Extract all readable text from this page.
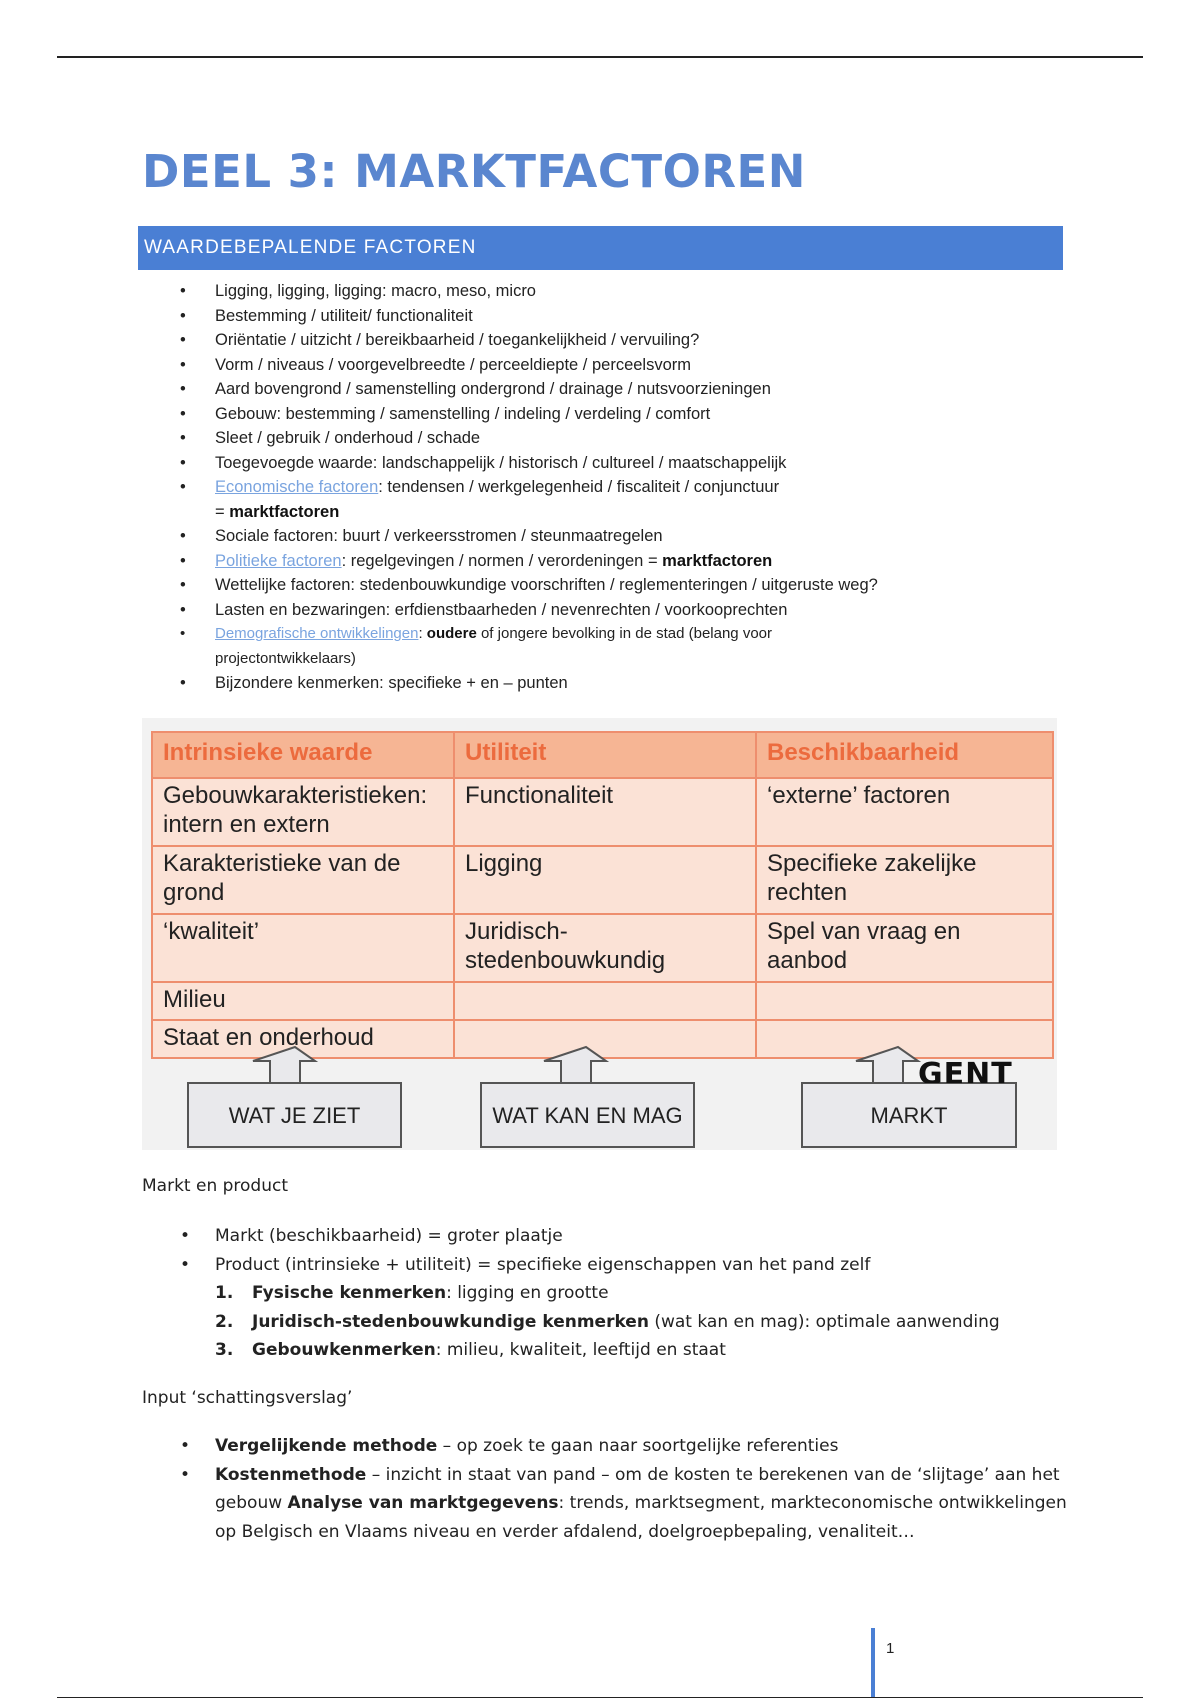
DEEL 3: MARKTFACTOREN
WAARDEBEPALENDE FACTOREN
• Ligging, ligging, ligging: macro, meso, micro
• Bestemming / utiliteit/ functionaliteit
• Oriëntatie / uitzicht / bereikbaarheid / toegankelijkheid / vervuiling?
• Vorm / niveaus / voorgevelbreedte / perceeldiepte / perceelsvorm
• Aard bovengrond / samenstelling ondergrond / drainage / nutsvoorzieningen
• Gebouw: bestemming / samenstelling / indeling / verdeling / comfort
• Sleet / gebruik / onderhoud / schade
• Toegevoegde waarde: landschappelijk / historisch / cultureel / maatschappelijk
• Economische factoren: tendensen / werkgelegenheid / fiscaliteit / conjunctuur
= marktfactoren
• Sociale factoren: buurt / verkeersstromen / steunmaatregelen
• Politieke factoren: regelgevingen / normen / verordeningen = marktfactoren
• Wettelijke factoren: stedenbouwkundige voorschriften / reglementeringen / uitgeruste weg?
• Lasten en bezwaringen: erfdienstbaarheden / nevenrechten / voorkooprechten
• Demografische ontwikkelingen: oudere of jongere bevolking in de stad (belang voor
projectontwikkelaars)
• Bijzondere kenmerken: specifieke + en – punten
Intrinsieke waarde	Utiliteit	Beschikbaarheid
Gebouwkarakteristieken: intern en extern	Functionaliteit	‘externe’ factoren
Karakteristieke van de grond	Ligging	Specifieke zakelijke rechten
‘kwaliteit’	Juridisch-stedenbouwkundig	Spel van vraag en aanbod
Milieu		
Staat en onderhoud		
WAT JE ZIET	WAT KAN EN MAG	MARKT
GENT
Markt en product
• Markt (beschikbaarheid) = groter plaatje
• Product (intrinsieke + utiliteit) = specifieke eigenschappen van het pand zelf
1. Fysische kenmerken: ligging en grootte
2. Juridisch-stedenbouwkundige kenmerken (wat kan en mag): optimale aanwending
3. Gebouwkenmerken: milieu, kwaliteit, leeftijd en staat
Input ‘schattingsverslag’
• Vergelijkende methode – op zoek te gaan naar soortgelijke referenties
• Kostenmethode – inzicht in staat van pand – om de kosten te berekenen van de ‘slijtage’ aan het gebouw Analyse van marktgegevens: trends, marktsegment, markteconomische ontwikkelingen op Belgisch en Vlaams niveau en verder afdalend, doelgroepbepaling, venaliteit…
1
